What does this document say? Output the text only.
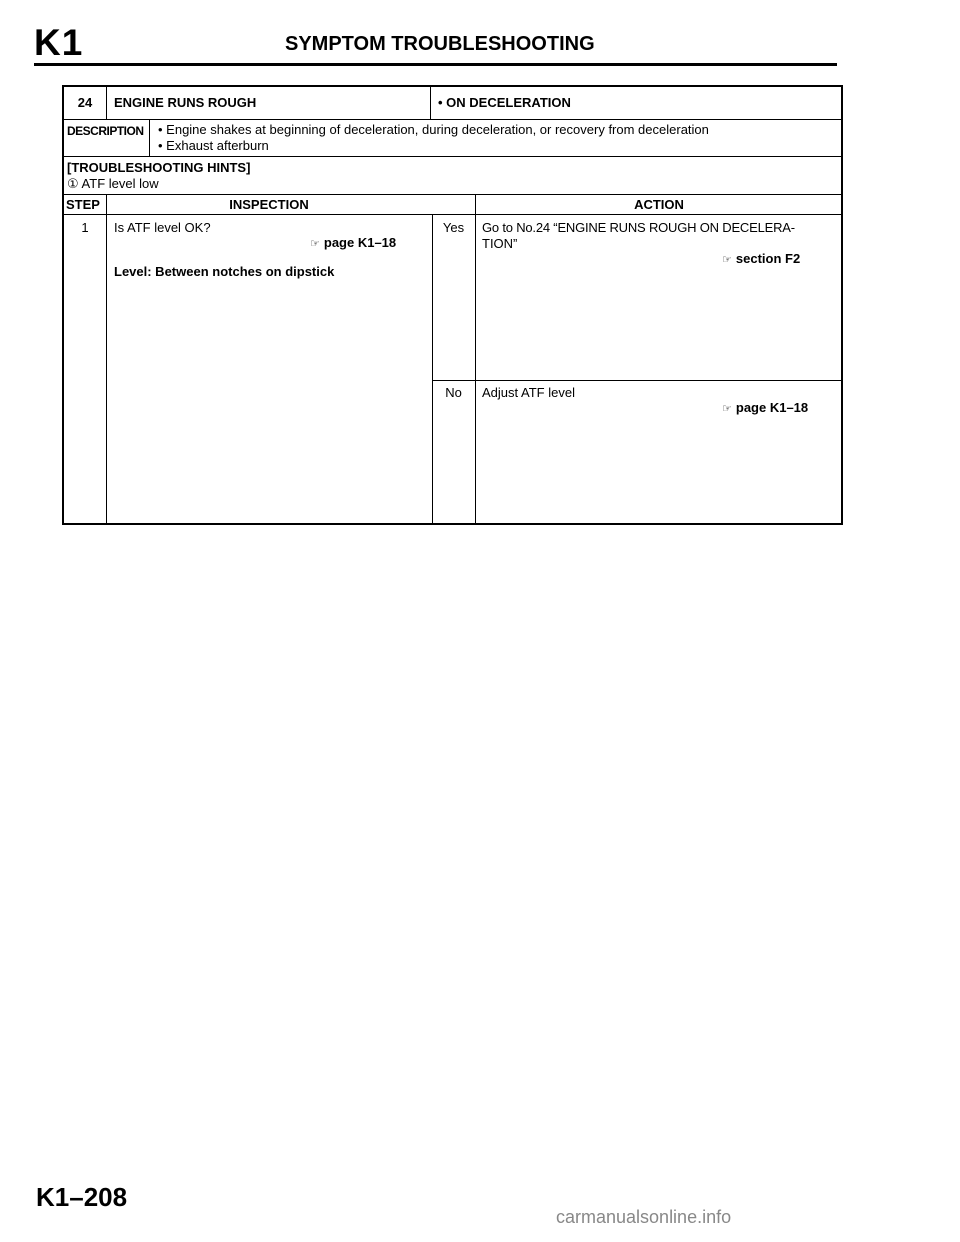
K1	SYMPTOM TROUBLESHOOTING
24	ENGINE RUNS ROUGH	• ON DECELERATION
DESCRIPTION • Engine shakes at beginning of deceleration, during deceleration, or recovery from deceleration
• Exhaust afterburn
[TROUBLESHOOTING HINTS]
① ATF level low
STEP	INSPECTION	ACTION
1	Is ATF level OK?
☞ page K1–18
Level: Between notches on dipstick
Yes	Go to No.24 “ENGINE RUNS ROUGH ON DECELERA-
TION”
☞ section F2
No	Adjust ATF level
☞ page K1–18
K1–208
carmanualsonline.info
